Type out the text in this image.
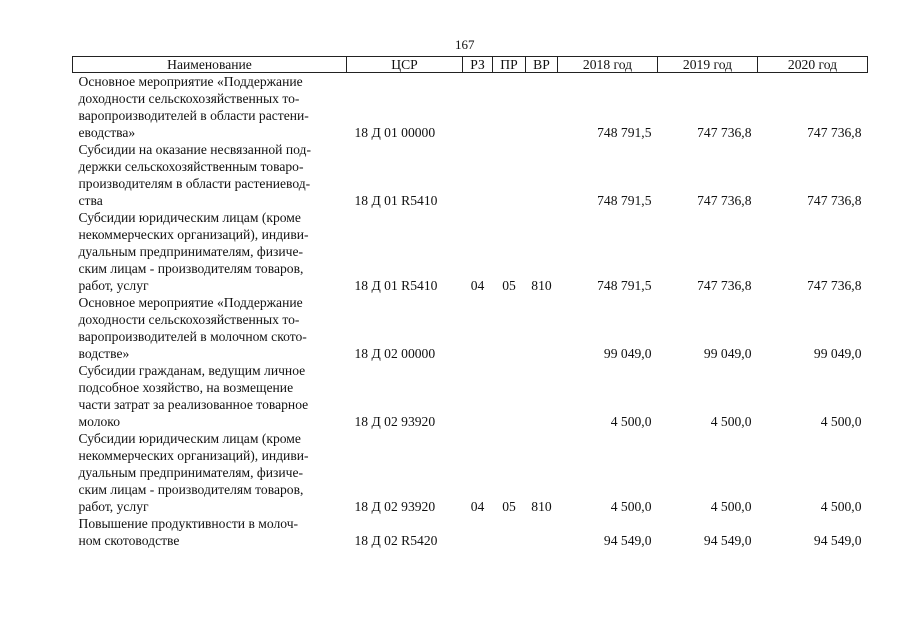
167
Наименование	ЦСР	РЗ	ПР	ВР	2018 год	2019 год	2020 год

Основное мероприятие «Поддержание
доходности сельскохозяйственных то-
варопроизводителей в области растени-
еводства»	18 Д 01 00000				748 791,5	747 736,8	747 736,8

Субсидии на оказание несвязанной под-
держки сельскохозяйственным товаро-
производителям в области растениевод-
ства	18 Д 01 R5410				748 791,5	747 736,8	747 736,8

Субсидии юридическим лицам (кроме
некоммерческих организаций), индиви-
дуальным предпринимателям, физиче-
ским лицам - производителям товаров,
работ, услуг	18 Д 01 R5410	04	05	810	748 791,5	747 736,8	747 736,8

Основное мероприятие «Поддержание
доходности сельскохозяйственных то-
варопроизводителей в молочном ското-
водстве»	18 Д 02 00000				99 049,0	99 049,0	99 049,0

Субсидии гражданам, ведущим личное
подсобное хозяйство, на возмещение
части затрат за реализованное товарное
молоко	18 Д 02 93920				4 500,0	4 500,0	4 500,0

Субсидии юридическим лицам (кроме
некоммерческих организаций), индиви-
дуальным предпринимателям, физиче-
ским лицам - производителям товаров,
работ, услуг	18 Д 02 93920	04	05	810	4 500,0	4 500,0	4 500,0

Повышение продуктивности в молоч-
ном скотоводстве	18 Д 02 R5420				94 549,0	94 549,0	94 549,0
